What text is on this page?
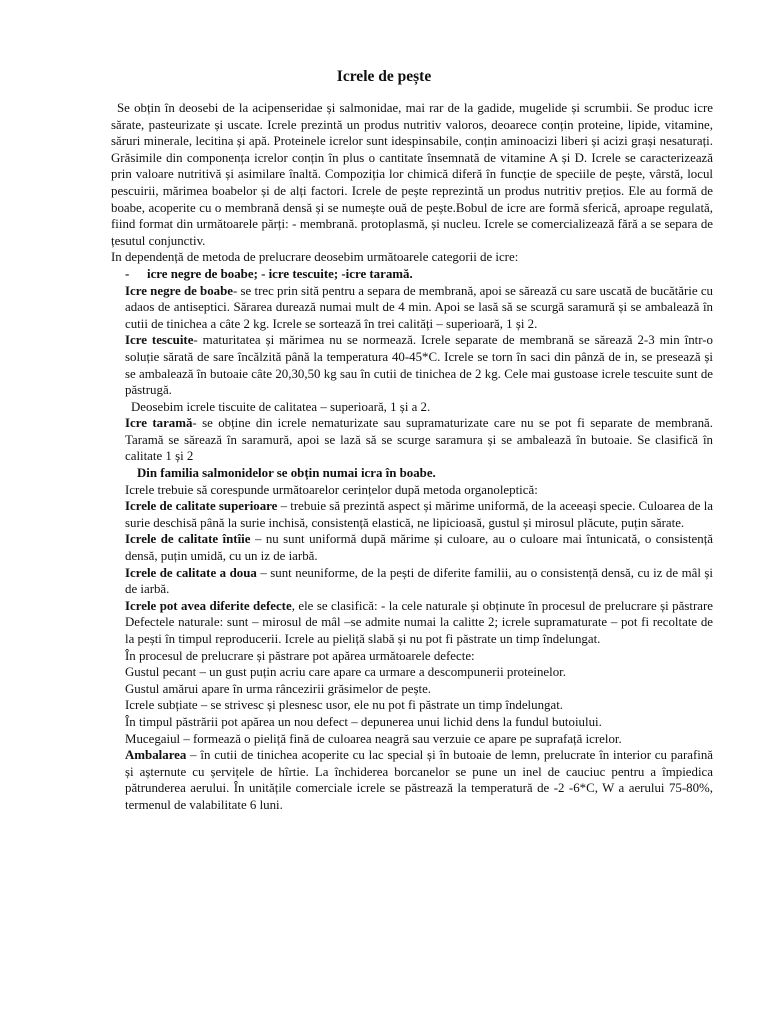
Icrele de pește

Se obțin în deosebi de la acipenseridae și salmonidae, mai rar de la gadide, mugelide și scrumbii. Se produc icre sărate, pasteurizate și uscate. Icrele prezintă un produs nutritiv valoros, deoarece conțin proteine, lipide, vitamine, săruri minerale, lecitina și apă. Proteinele icrelor sunt idespinsabile, conțin aminoacizi liberi și acizi grași nesaturați. Grăsimile din componența icrelor conțin în plus o cantitate însemnată de vitamine A și D. Icrele se caracterizează prin valoare nutritivă și asimilare înaltă. Compoziția lor chimică diferă în funcție de speciile de pește, vârstă, locul pescuirii, mărimea boabelor și de alți factori. Icrele de pește reprezintă un produs nutritiv prețios. Ele au formă de boabe, acoperite cu o membrană densă și se numește ouă de pește.Bobul de icre are formă sferică, aproape regulată, fiind format din următoarele părți: - membrană. protoplasmă, și nucleu. Icrele se comercializează fără a se separa de țesutul conjunctiv.

In dependență de metoda de prelucrare deosebim următoarele categorii de icre:

- icre negre de boabe; - icre tescuite; -icre taramă.

Icre negre de boabe- se trec prin sită pentru a separa de membrană, apoi se sărează cu sare uscată de bucătărie cu adaos de antiseptici. Sărarea durează numai mult de 4 min. Apoi se lasă să se scurgă saramură și se ambalează în cutii de tinichea a câte 2 kg. Icrele se sortează în trei calități – superioară, 1 și 2.

Icre tescuite- maturitatea și mărimea nu se normează. Icrele separate de membrană se sărează 2-3 min într-o soluție sărată de sare încălzită până la temperatura 40-45*C. Icrele se torn în saci din pânză de in, se presează și se ambalează în butoaie câte 20,30,50 kg sau în cutii de tinichea de 2 kg. Cele mai gustoase icrele tescuite sunt de păstrugă.

Deosebim icrele tiscuite de calitatea – superioară, 1 și a 2.

Icre taramă- se obține din icrele nematurizate sau supramaturizate care nu se pot fi separate de membrană. Taramă se sărează în saramură, apoi se lază să se scurge saramura și se ambalează în butoaie. Se clasifică în calitate 1 și 2

Din familia salmonidelor se obțin numai icra în boabe.

Icrele trebuie să corespunde următoarelor cerințelor după metoda organoleptică:

Icrele de calitate superioare – trebuie să prezintă aspect și mărime uniformă, de la aceeași specie. Culoarea de la surie deschisă până la surie inchisă, consistență elastică, ne lipicioasă, gustul și mirosul plăcute, puțin sărate.

Icrele de calitate întîie – nu sunt uniformă după mărime și culoare, au o culoare mai întunicată, o consistență densă, puțin umidă, cu un iz de iarbă.

Icrele de calitate a doua – sunt neuniforme, de la pești de diferite familii, au o consistență densă, cu iz de mâl și de iarbă.

Icrele pot avea diferite defecte, ele se clasifică: - la cele naturale și obținute în procesul de prelucrare și păstrare Defectele naturale: sunt – mirosul de mâl –se admite numai la calitte 2; icrele supramaturate – pot fi recoltate de la pești în timpul reproducerii. Icrele au pieliță slabă și nu pot fi păstrate un timp îndelungat.

În procesul de prelucrare și păstrare pot apărea următoarele defecte:

Gustul pecant – un gust puțin acriu care apare ca urmare a descompunerii proteinelor.

Gustul amărui apare în urma râncezirii grăsimelor de pește.

Icrele subțiate – se strivesc și plesnesc usor, ele nu pot fi păstrate un timp îndelungat.

În timpul păstrării pot apărea un nou defect – depunerea unui lichid dens la fundul butoiului.

Mucegaiul – formează o pieliță fină de culoarea neagră sau verzuie ce apare pe suprafață icrelor.

Ambalarea – în cutii de tinichea acoperite cu lac special și în butoaie de lemn, prelucrate în interior cu parafină și așternute cu șervițele de hîrtie. La închiderea borcanelor se pune un inel de cauciuc pentru a împiedica pătrunderea aerului. În unitățile comerciale icrele se păstrează la temperatură de -2 -6*C, W a aerului 75-80%, termenul de valabilitate 6 luni.
